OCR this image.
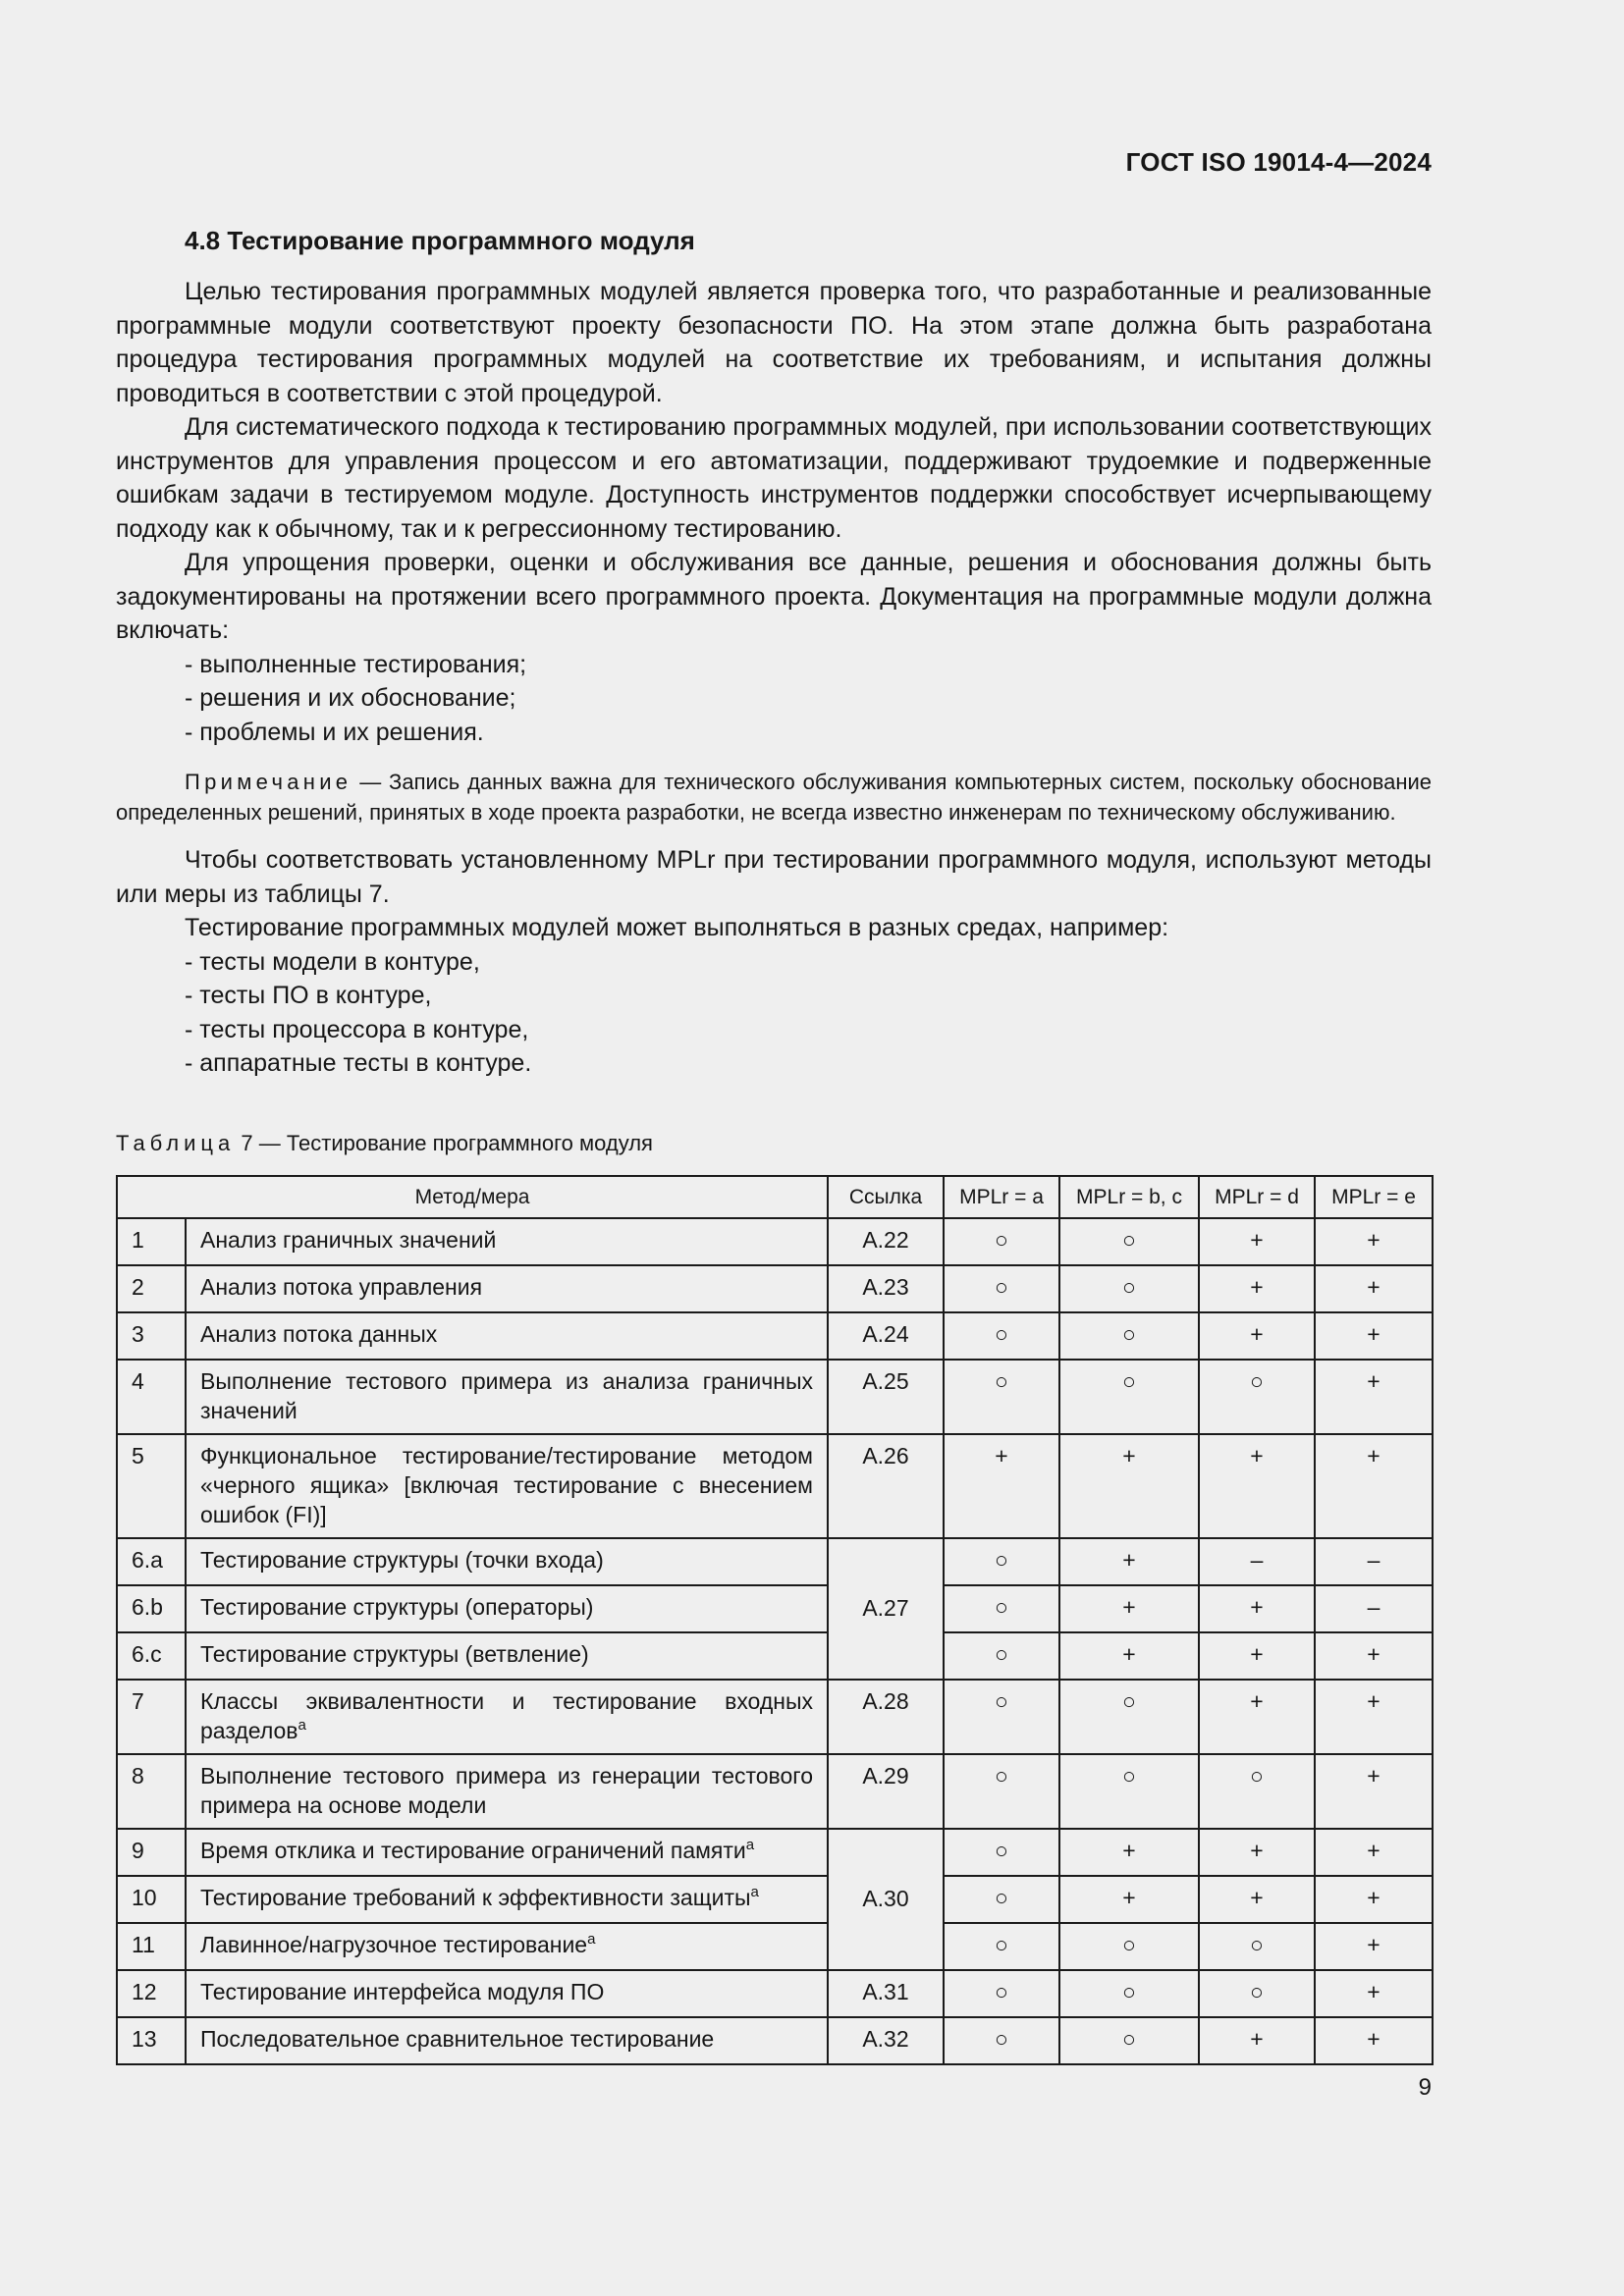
ГОСТ ISO 19014-4—2024
4.8 Тестирование программного модуля

Целью тестирования программных модулей является проверка того, что разработанные и реализованные программные модули соответствуют проекту безопасности ПО. На этом этапе должна быть разработана процедура тестирования программных модулей на соответствие их требованиям, и испытания должны проводиться в соответствии с этой процедурой.

Для систематического подхода к тестированию программных модулей, при использовании соответствующих инструментов для управления процессом и его автоматизации, поддерживают трудоемкие и подверженные ошибкам задачи в тестируемом модуле. Доступность инструментов поддержки способствует исчерпывающему подходу как к обычному, так и к регрессионному тестированию.

Для упрощения проверки, оценки и обслуживания все данные, решения и обоснования должны быть задокументированы на протяжении всего программного проекта. Документация на программные модули должна включать:

- выполненные тестирования;
- решения и их обоснование;
- проблемы и их решения.

Примечание — Запись данных важна для технического обслуживания компьютерных систем, поскольку обоснование определенных решений, принятых в ходе проекта разработки, не всегда известно инженерам по техническому обслуживанию.

Чтобы соответствовать установленному MPLr при тестировании программного модуля, используют методы или меры из таблицы 7.

Тестирование программных модулей может выполняться в разных средах, например:

- тесты модели в контуре,
- тесты ПО в контуре,
- тесты процессора в контуре,
- аппаратные тесты в контуре.

Таблица 7 — Тестирование программного модуля

Метод/мера		Ссылка	MPLr = a	MPLr = b, c	MPLr = d	MPLr = e
1	Анализ граничных значений	A.22	○	○	+	+
2	Анализ потока управления	A.23	○	○	+	+
3	Анализ потока данных	A.24	○	○	+	+
4	Выполнение тестового примера из анализа граничных значений	A.25	○	○	○	+
5	Функциональное тестирование/тестирование методом «черного ящика» [включая тестирование с внесением ошибок (FI)]	A.26	+	+	+	+
6.a	Тестирование структуры (точки входа)	A.27	○	+	–	–
6.b	Тестирование структуры (операторы)		○	+	+	–
6.c	Тестирование структуры (ветвление)		○	+	+	+
7	Классы эквивалентности и тестирование входных разделов$^a$	A.28	○	○	+	+
8	Выполнение тестового примера из генерации тестового примера на основе модели	A.29	○	○	○	+
9	Время отклика и тестирование ограничений памяти$^a$	A.30	○	+	+	+
10	Тестирование требований к эффективности защиты$^a$		○	+	+	+
11	Лавинное/нагрузочное тестирование$^a$		○	○	○	+
12	Тестирование интерфейса модуля ПО	A.31	○	○	○	+
13	Последовательное сравнительное тестирование	A.32	○	○	+	+
9
